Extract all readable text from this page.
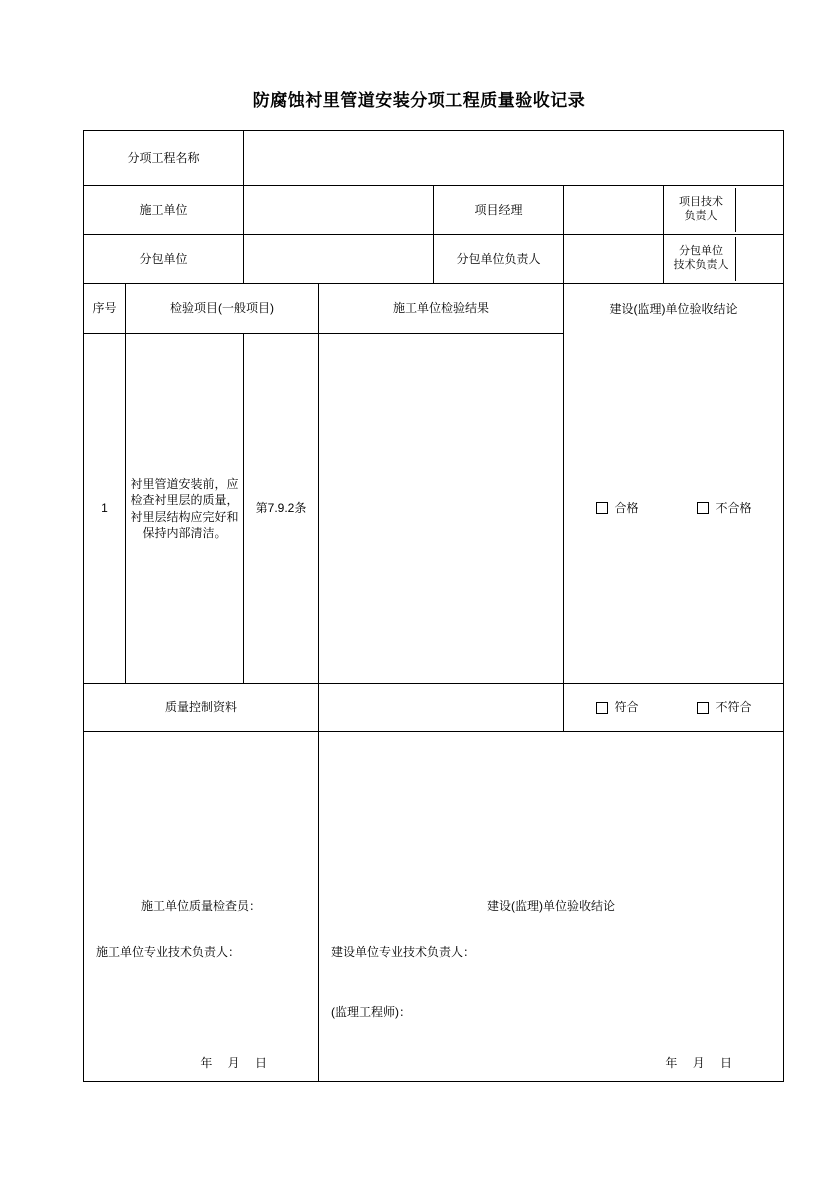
防腐蚀衬里管道安装分项工程质量验收记录
分项工程名称						
施工单位				项目经理		项目技术
负责人

分包单位				分包单位负责人		分包单位
技术负责人

序号	检验项目(一般项目)		施工单位检验结果		建设(监理)单位验收结论	
1	衬里管道安装前，应检查衬里层的质量，衬里层结构应完好和保持内部清洁。	第7.9.2条			合格 不合格	

质量控制资料					符合 不符合	

施工单位质量检查员：
施工单位专业技术负责人：
年 月 日

建设(监理)单位验收结论
建设单位专业技术负责人：
(监理工程师)：
年 月 日
